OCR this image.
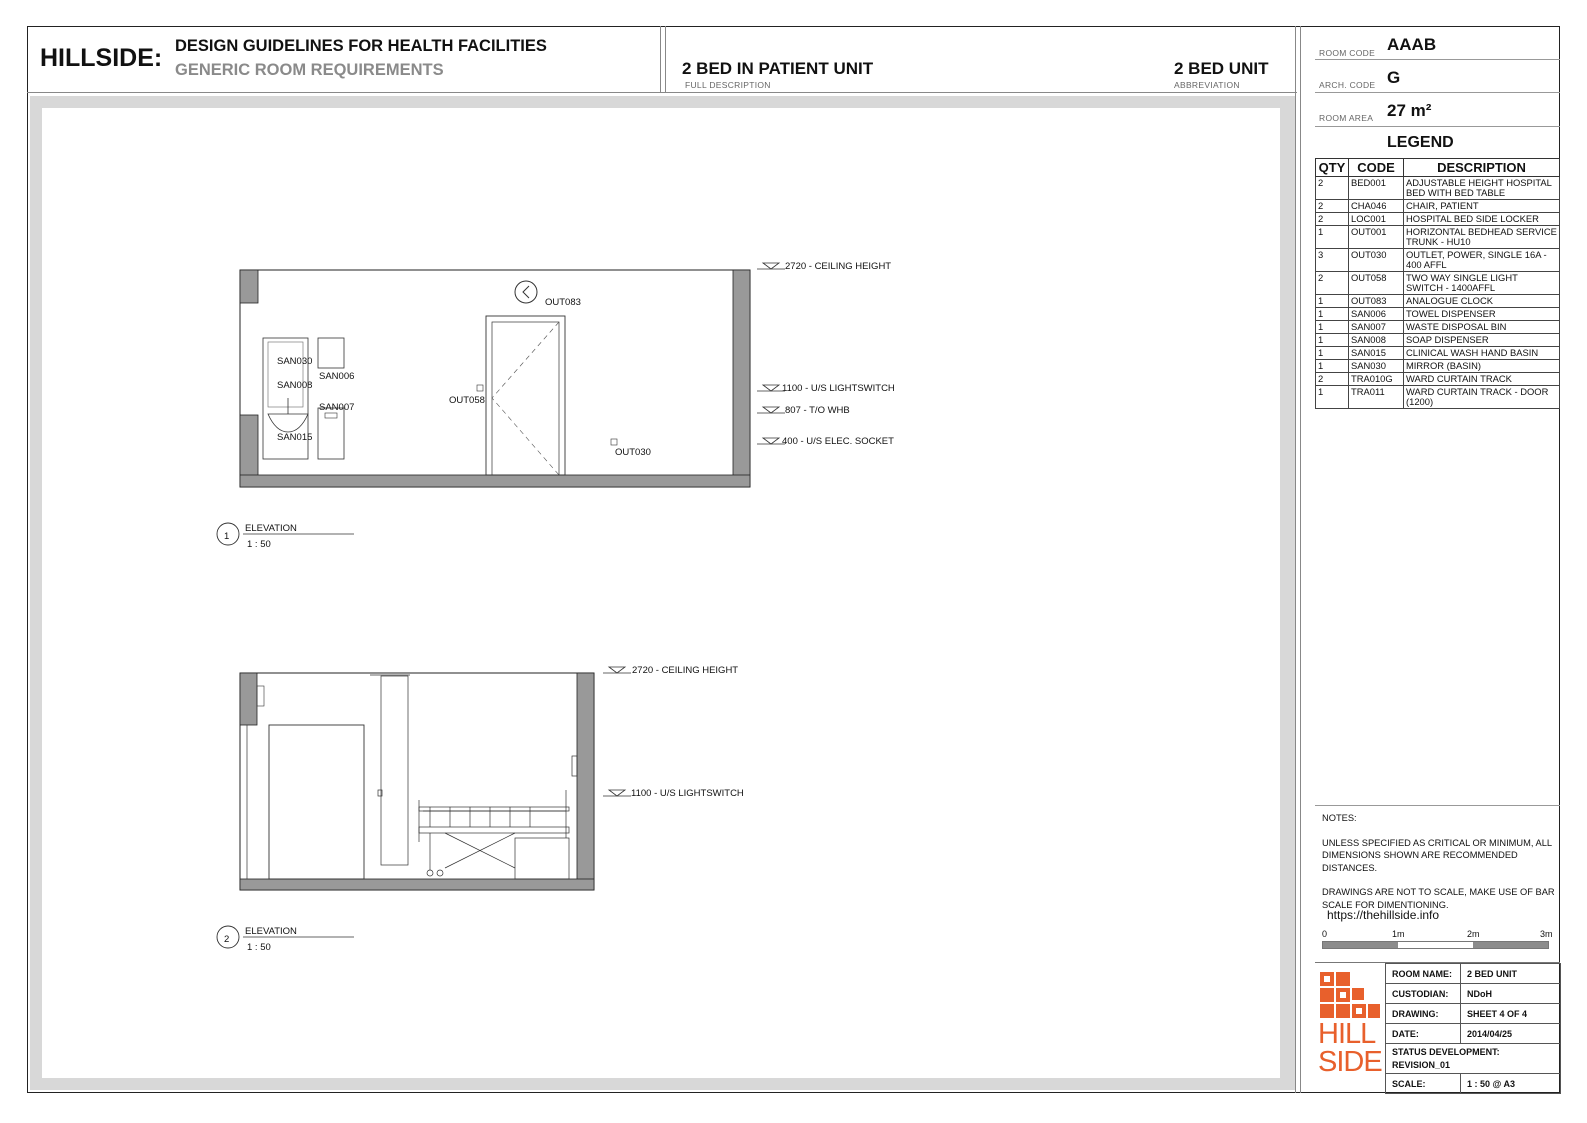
HILLSIDE: DESIGN GUIDELINES FOR HEALTH FACILITIES
GENERIC ROOM REQUIREMENTS	2 BED IN PATIENT UNIT
FULL DESCRIPTION
2 BED UNIT
ABBREVIATION
ROOM CODE AAAB
ARCH. CODE G
ROOM AREA 27 m²
LEGEND
QTY	CODE	DESCRIPTION
2	BED001	ADJUSTABLE HEIGHT HOSPITAL BED WITH BED TABLE
2	CHA046	CHAIR, PATIENT
2	LOC001	HOSPITAL BED SIDE LOCKER
1	OUT001	HORIZONTAL BEDHEAD SERVICE TRUNK - HU10
3	OUT030	OUTLET, POWER, SINGLE 16A - 400 AFFL
2	OUT058	TWO WAY SINGLE LIGHT SWITCH - 1400AFFL
1	OUT083	ANALOGUE CLOCK
1	SAN006	TOWEL DISPENSER
1	SAN007	WASTE DISPOSAL BIN
1	SAN008	SOAP DISPENSER
1	SAN015	CLINICAL WASH HAND BASIN
1	SAN030	MIRROR (BASIN)
2	TRA010G	WARD CURTAIN TRACK
1	TRA011	WARD CURTAIN TRACK - DOOR (1200)
NOTES:
UNLESS SPECIFIED AS CRITICAL OR MINIMUM, ALL DIMENSIONS SHOWN ARE RECOMMENDED DISTANCES.
DRAWINGS ARE NOT TO SCALE, MAKE USE OF BAR SCALE FOR DIMENTIONING.
https://thehillside.info
0	1m	2m	3m
HILL
SIDE
ROOM NAME:	2 BED UNIT
CUSTODIAN:	NDoH
DRAWING:	SHEET 4 OF 4
DATE:	2014/04/25

STATUS DEVELOPMENT:
REVISION_01	

SCALE:	1 : 50 @ A3
OUT083
SAN030
SAN006
SAN008
SAN007
SAN015
OUT058
OUT030
2720 - CEILING HEIGHT
1100 - U/S LIGHTSWITCH
807 - T/O WHB
400 - U/S ELEC. SOCKET
1
ELEVATION
1 : 50
2720 - CEILING HEIGHT
1100 - U/S LIGHTSWITCH
2
ELEVATION
1 : 50
